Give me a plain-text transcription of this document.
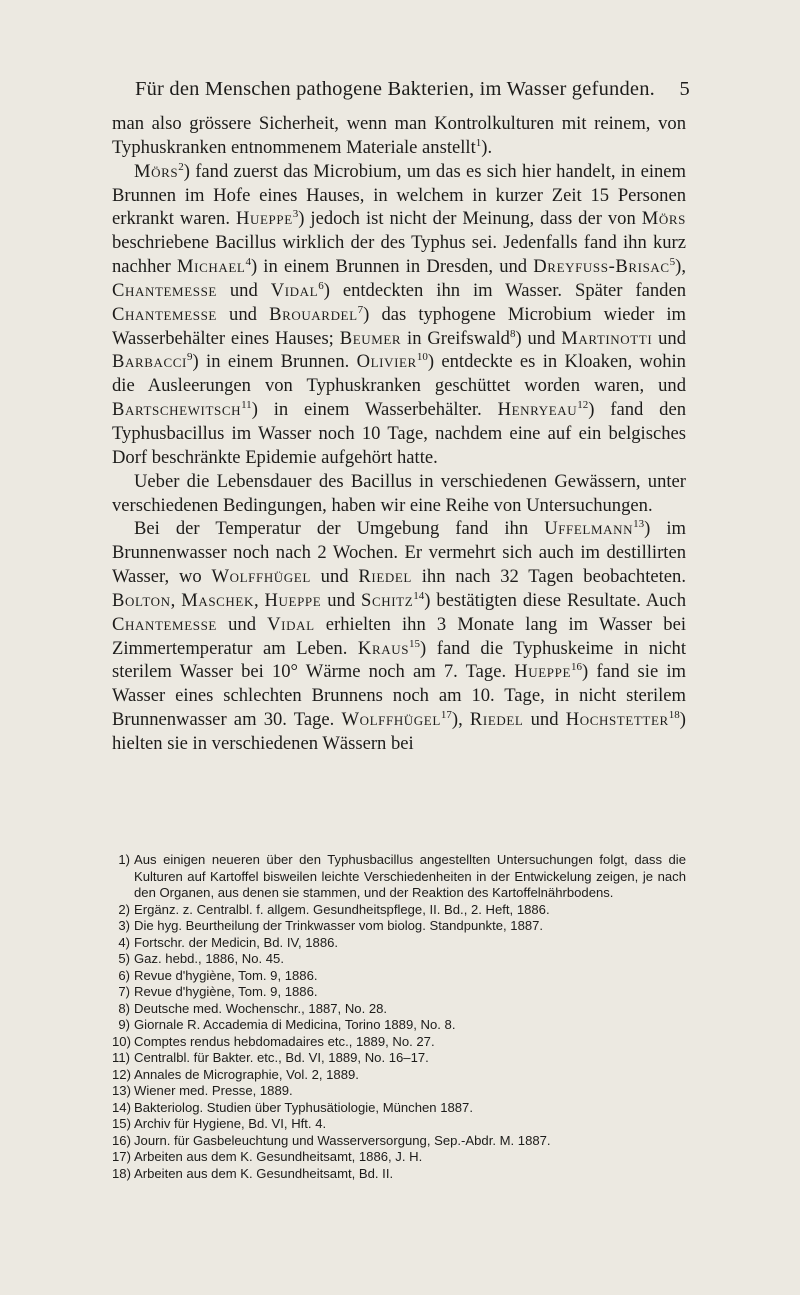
Für den Menschen pathogene Bakterien, im Wasser gefunden.	5

man also grössere Sicherheit, wenn man Kontrolkulturen mit reinem, von Typhuskranken entnommenem Materiale anstellt$^1$).

Mörs$^2$) fand zuerst das Microbium, um das es sich hier handelt, in einem Brunnen im Hofe eines Hauses, in welchem in kurzer Zeit 15 Personen erkrankt waren. Hueppe$^3$) jedoch ist nicht der Meinung, dass der von Mörs beschriebene Bacillus wirklich der des Typhus sei. Jedenfalls fand ihn kurz nachher Michael$^4$) in einem Brunnen in Dresden, und Dreyfuss-Brisac$^5$), Chantemesse und Vidal$^6$) entdeckten ihn im Wasser. Später fanden Chantemesse und Brouardel$^7$) das typhogene Microbium wieder im Wasserbehälter eines Hauses; Beumer in Greifswald$^8$) und Martinotti und Barbacci$^9$) in einem Brunnen. Olivier$^{10}$) entdeckte es in Kloaken, wohin die Ausleerungen von Typhuskranken geschüttet worden waren, und Bartschewitsch$^{11}$) in einem Wasserbehälter. Henryeau$^{12}$) fand den Typhusbacillus im Wasser noch 10 Tage, nachdem eine auf ein belgisches Dorf beschränkte Epidemie aufgehört hatte.

Ueber die Lebensdauer des Bacillus in verschiedenen Gewässern, unter verschiedenen Bedingungen, haben wir eine Reihe von Untersuchungen.

Bei der Temperatur der Umgebung fand ihn Uffelmann$^{13}$) im Brunnenwasser noch nach 2 Wochen. Er vermehrt sich auch im destillirten Wasser, wo Wolffhügel und Riedel ihn nach 32 Tagen beobachteten. Bolton, Maschek, Hueppe und Schitz$^{14}$) bestätigten diese Resultate. Auch Chantemesse und Vidal erhielten ihn 3 Monate lang im Wasser bei Zimmertemperatur am Leben. Kraus$^{15}$) fand die Typhuskeime in nicht sterilem Wasser bei 10° Wärme noch am 7. Tage. Hueppe$^{16}$) fand sie im Wasser eines schlechten Brunnens noch am 10. Tage, in nicht sterilem Brunnenwasser am 30. Tage. Wolffhügel$^{17}$), Riedel und Hochstetter$^{18}$) hielten sie in verschiedenen Wässern bei

1) Aus einigen neueren über den Typhusbacillus angestellten Untersuchungen folgt, dass die Kulturen auf Kartoffel bisweilen leichte Verschiedenheiten in der Entwickelung zeigen, je nach den Organen, aus denen sie stammen, und der Reaktion des Kartoffelnährbodens.
2) Ergänz. z. Centralbl. f. allgem. Gesundheitspflege, II. Bd., 2. Heft, 1886.
3) Die hyg. Beurtheilung der Trinkwasser vom biolog. Standpunkte, 1887.
4) Fortschr. der Medicin, Bd. IV, 1886.
5) Gaz. hebd., 1886, No. 45.
6) Revue d'hygiène, Tom. 9, 1886.
7) Revue d'hygiène, Tom. 9, 1886.
8) Deutsche med. Wochenschr., 1887, No. 28.
9) Giornale R. Accademia di Medicina, Torino 1889, No. 8.
10) Comptes rendus hebdomadaires etc., 1889, No. 27.
11) Centralbl. für Bakter. etc., Bd. VI, 1889, No. 16–17.
12) Annales de Micrographie, Vol. 2, 1889.
13) Wiener med. Presse, 1889.
14) Bakteriolog. Studien über Typhusätiologie, München 1887.
15) Archiv für Hygiene, Bd. VI, Hft. 4.
16) Journ. für Gasbeleuchtung und Wasserversorgung, Sep.-Abdr. M. 1887.
17) Arbeiten aus dem K. Gesundheitsamt, 1886, J. H.
18) Arbeiten aus dem K. Gesundheitsamt, Bd. II.
